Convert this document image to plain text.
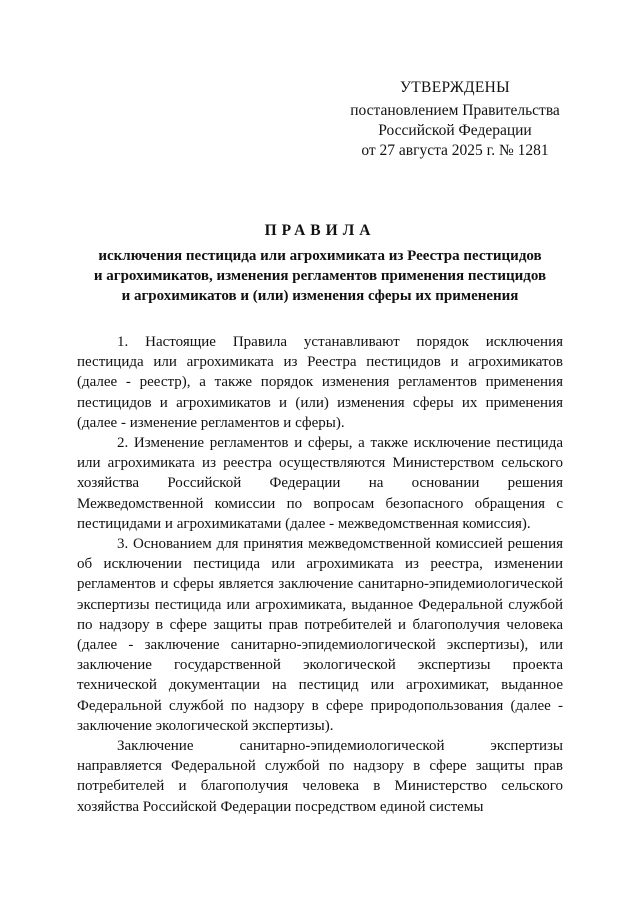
УТВЕРЖДЕНЫ
постановлением Правительства
Российской Федерации
от 27 августа 2025 г. № 1281
ПРАВИЛА
исключения пестицида или агрохимиката из Реестра пестицидов
и агрохимикатов, изменения регламентов применения пестицидов
и агрохимикатов и (или) изменения сферы их применения

1. Настоящие Правила устанавливают порядок исключения пестицида или агрохимиката из Реестра пестицидов и агрохимикатов (далее - реестр), а также порядок изменения регламентов применения пестицидов и агрохимикатов и (или) изменения сферы их применения (далее - изменение регламентов и сферы).

2. Изменение регламентов и сферы, а также исключение пестицида или агрохимиката из реестра осуществляются Министерством сельского хозяйства Российской Федерации на основании решения Межведомственной комиссии по вопросам безопасного обращения с пестицидами и агрохимикатами (далее - межведомственная комиссия).

3. Основанием для принятия межведомственной комиссией решения об исключении пестицида или агрохимиката из реестра, изменении регламентов и сферы является заключение санитарно-эпидемиологической экспертизы пестицида или агрохимиката, выданное Федеральной службой по надзору в сфере защиты прав потребителей и благополучия человека (далее - заключение санитарно-эпидемиологической экспертизы), или заключение государственной экологической экспертизы проекта технической документации на пестицид или агрохимикат, выданное Федеральной службой по надзору в сфере природопользования (далее - заключение экологической экспертизы).

Заключение санитарно-эпидемиологической экспертизы направляется Федеральной службой по надзору в сфере защиты прав потребителей и благополучия человека в Министерство сельского хозяйства Российской Федерации посредством единой системы
